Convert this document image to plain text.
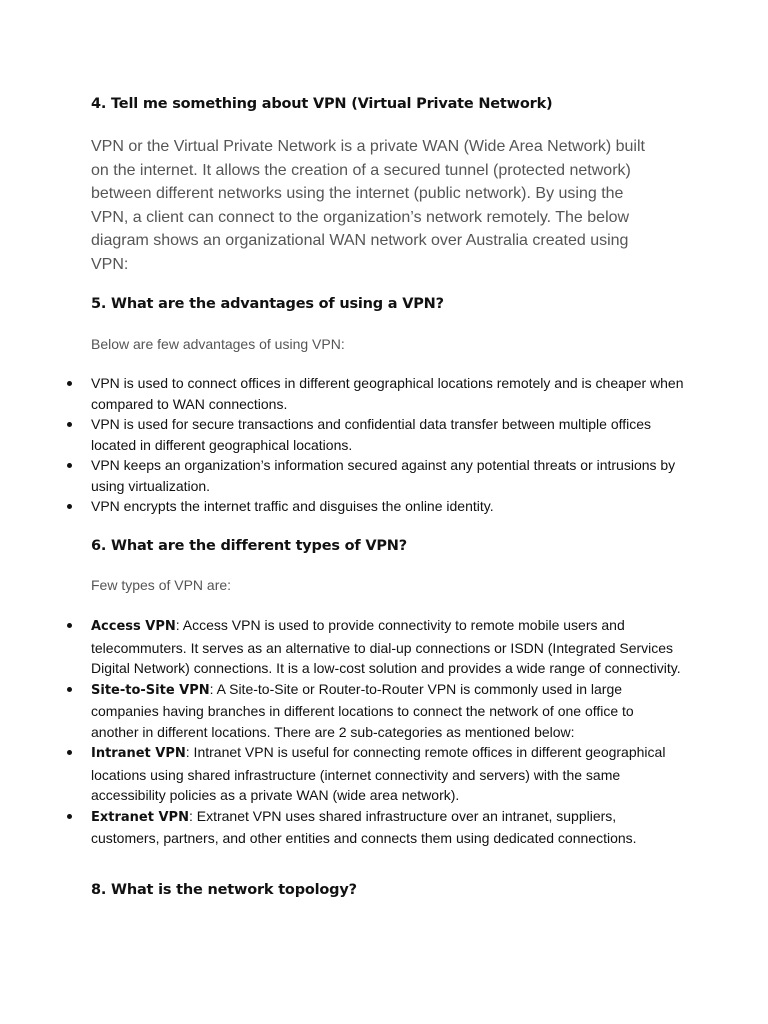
4. Tell me something about VPN (Virtual Private Network)

VPN or the Virtual Private Network is a private WAN (Wide Area Network) built on the internet. It allows the creation of a secured tunnel (protected network) between different networks using the internet (public network). By using the VPN, a client can connect to the organization’s network remotely. The below diagram shows an organizational WAN network over Australia created using VPN:

5. What are the advantages of using a VPN?

Below are few advantages of using VPN:

VPN is used to connect offices in different geographical locations remotely and is cheaper when compared to WAN connections.
VPN is used for secure transactions and confidential data transfer between multiple offices located in different geographical locations.
VPN keeps an organization’s information secured against any potential threats or intrusions by using virtualization.
VPN encrypts the internet traffic and disguises the online identity.
6. What are the different types of VPN?

Few types of VPN are:

Access VPN: Access VPN is used to provide connectivity to remote mobile users and telecommuters. It serves as an alternative to dial-up connections or ISDN (Integrated Services Digital Network) connections. It is a low-cost solution and provides a wide range of connectivity.
Site-to-Site VPN: A Site-to-Site or Router-to-Router VPN is commonly used in large companies having branches in different locations to connect the network of one office to another in different locations. There are 2 sub-categories as mentioned below:
Intranet VPN: Intranet VPN is useful for connecting remote offices in different geographical locations using shared infrastructure (internet connectivity and servers) with the same accessibility policies as a private WAN (wide area network).
Extranet VPN: Extranet VPN uses shared infrastructure over an intranet, suppliers, customers, partners, and other entities and connects them using dedicated connections.
8. What is the network topology?
